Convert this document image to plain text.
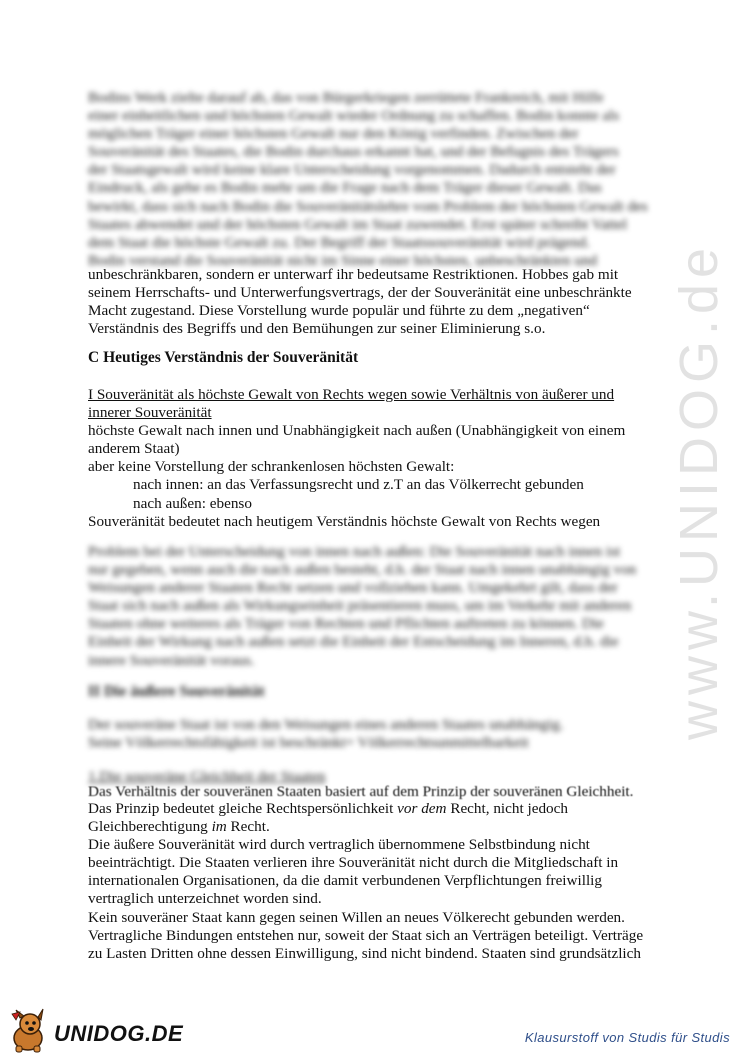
www.UNIDOG.de

Bodins Werk zielte darauf ab, das von Bürgerkriegen zerrüttete Frankreich, mit Hilfe

einer einheitlichen und höchsten Gewalt wieder Ordnung zu schaffen. Bodin konnte als

möglichen Träger einer höchsten Gewalt nur den König verfinden. Zwischen der

Souveränität des Staates, die Bodin durchaus erkannt hat, und der Befugnis des Trägers

der Staatsgewalt wird keine klare Unterscheidung vorgenommen. Dadurch entsteht der

Eindruck, als gehe es Bodin mehr um die Frage nach dem Träger dieser Gewalt. Das

bewirkt, dass sich nach Bodin die Souveränitätslehre vom Problem der höchsten Gewalt des

Staates abwendet und der höchsten Gewalt im Staat zuwendet. Erst später schreibt Vattel

dem Staat die höchste Gewalt zu. Der Begriff der Staatssouveränität wird prägend.

Bodin verstand die Souveränität nicht im Sinne einer höchsten, unbeschränkten und

unbeschränkbaren, sondern er unterwarf ihr bedeutsame Restriktionen. Hobbes gab mit

seinem Herrschafts- und Unterwerfungsvertrags, der der Souveränität eine unbeschränkte

Macht zugestand. Diese Vorstellung wurde populär und führte zu dem „negativen“

Verständnis des Begriffs und den Bemühungen zur seiner Eliminierung s.o.

C Heutiges Verständnis der Souveränität

I Souveränität als höchste Gewalt von Rechts wegen sowie Verhältnis von äußerer und

innerer Souveränität

höchste Gewalt nach innen und Unabhängigkeit nach außen (Unabhängigkeit von einem

anderem Staat)

aber keine Vorstellung der schrankenlosen höchsten Gewalt:

nach innen: an das Verfassungsrecht und z.T an das Völkerrecht gebunden

nach außen: ebenso

Souveränität bedeutet nach heutigem Verständnis höchste Gewalt von Rechts wegen

Problem bei der Unterscheidung von innen nach außen: Die Souveränität nach innen ist

nur gegeben, wenn auch die nach außen besteht, d.h. der Staat nach innen unabhängig von

Weisungen anderer Staaten Recht setzen und vollziehen kann. Umgekehrt gilt, dass der

Staat sich nach außen als Wirkungseinheit präsentieren muss, um im Verkehr mit anderen

Staaten ohne weiteres als Träger von Rechten und Pflichten auftreten zu können. Die

Einheit der Wirkung nach außen setzt die Einheit der Entscheidung im Inneren, d.h. die

innere Souveränität voraus.

II Die äußere Souveränität

Der souveräne Staat ist von den Weisungen eines anderen Staates unabhängig.

Seine Völkerrechtsfähigkeit ist beschränkt= Völkerrechtsunmittelbarkeit

1.Die souveräne Gleichheit der Staaten
Das Verhältnis der souveränen Staaten basiert auf dem Prinzip der souveränen Gleichheit.

Das Prinzip bedeutet gleiche Rechtspersönlichkeit vor dem Recht, nicht jedoch

Gleichberechtigung im Recht.

Die äußere Souveränität wird durch vertraglich übernommene Selbstbindung nicht

beeinträchtigt. Die Staaten verlieren ihre Souveränität nicht durch die Mitgliedschaft in

internationalen Organisationen, da die damit verbundenen Verpflichtungen freiwillig

vertraglich unterzeichnet worden sind.

Kein souveräner Staat kann gegen seinen Willen an neues Völkerecht gebunden werden.

Vertragliche Bindungen entstehen nur, soweit der Staat sich an Verträgen beteiligt. Verträge

zu Lasten Dritten ohne dessen Einwilligung, sind nicht bindend. Staaten sind grundsätzlich

UNIDOG.DE	Klausurstoff von Studis für Studis
